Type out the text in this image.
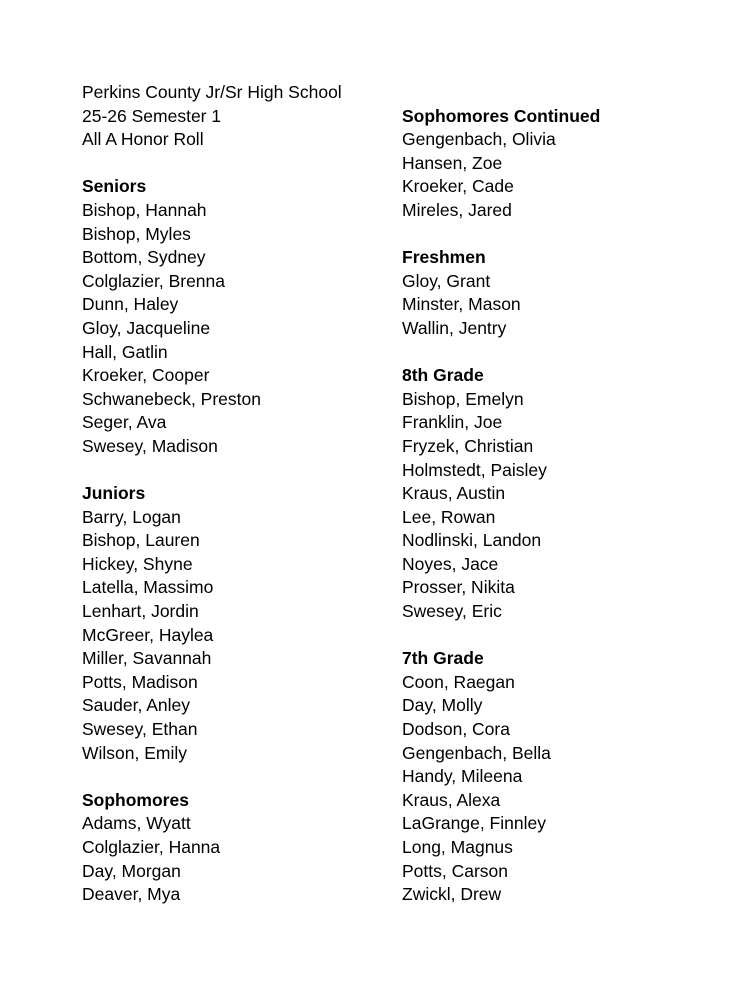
Perkins County Jr/Sr High School
25-26 Semester 1
All A Honor Roll
Seniors
Bishop, Hannah
Bishop, Myles
Bottom, Sydney
Colglazier, Brenna
Dunn, Haley
Gloy, Jacqueline
Hall, Gatlin
Kroeker, Cooper
Schwanebeck, Preston
Seger, Ava
Swesey, Madison
Juniors
Barry, Logan
Bishop, Lauren
Hickey, Shyne
Latella, Massimo
Lenhart, Jordin
McGreer, Haylea
Miller, Savannah
Potts, Madison
Sauder, Anley
Swesey, Ethan
Wilson, Emily
Sophomores
Adams, Wyatt
Colglazier, Hanna
Day, Morgan
Deaver, Mya
Sophomores Continued
Gengenbach, Olivia
Hansen, Zoe
Kroeker, Cade
Mireles, Jared
Freshmen
Gloy, Grant
Minster, Mason
Wallin, Jentry
8th Grade
Bishop, Emelyn
Franklin, Joe
Fryzek, Christian
Holmstedt, Paisley
Kraus, Austin
Lee, Rowan
Nodlinski, Landon
Noyes, Jace
Prosser, Nikita
Swesey, Eric
7th Grade
Coon, Raegan
Day, Molly
Dodson, Cora
Gengenbach, Bella
Handy, Mileena
Kraus, Alexa
LaGrange, Finnley
Long, Magnus
Potts, Carson
Zwickl, Drew
